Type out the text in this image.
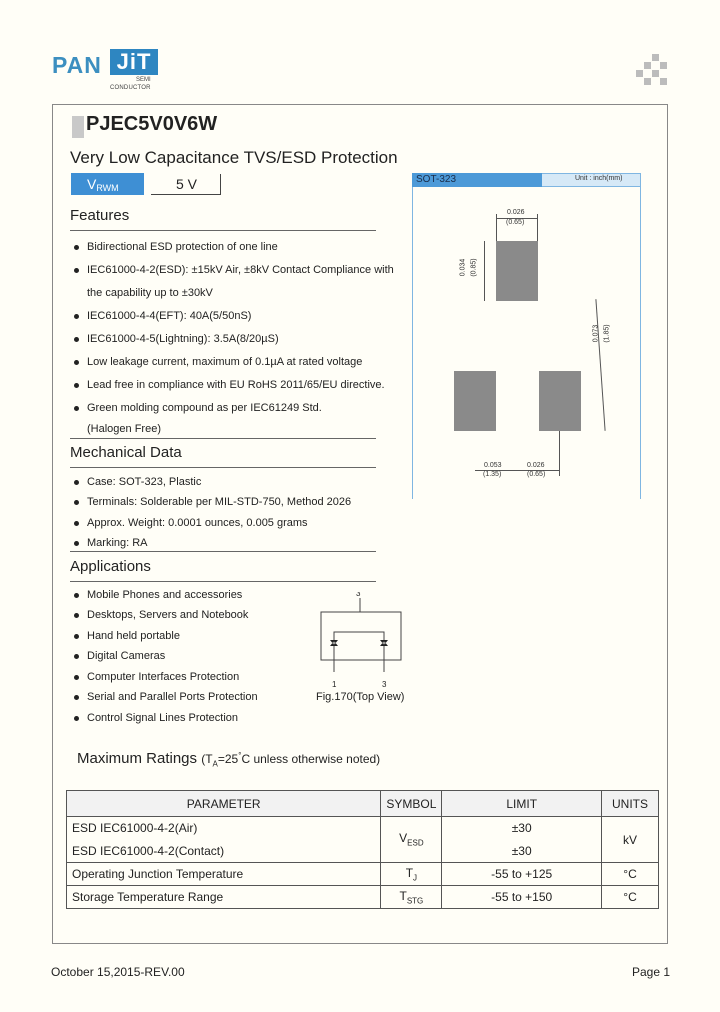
PAN JiT
SEMI
CONDUCTOR
PJEC5V0V6W
Very Low Capacitance TVS/ESD Protection
$V_{RWM}$	5 V
Features
Bidirectional ESD protection of one line
IEC61000-4-2(ESD): ±15kV Air, ±8kV Contact Compliance with
the capability up to ±30kV
IEC61000-4-4(EFT): 40A(5/50nS)
IEC61000-4-5(Lightning): 3.5A(8/20µS)
Low leakage current, maximum of 0.1µA at rated voltage
Lead free in compliance with EU RoHS 2011/65/EU directive.
Green molding compound as per IEC61249 Std.
(Halogen Free)
Mechanical Data
Case: SOT-323, Plastic
Terminals: Solderable per MIL-STD-750, Method 2026
Approx. Weight: 0.0001 ounces, 0.005 grams
Marking: RA
Applications
Mobile Phones and accessories
Desktops, Servers and Notebook
Hand held portable
Digital Cameras
Computer Interfaces Protection
Serial and Parallel Ports Protection
Control Signal Lines Protection
SOT-323	Unit : inch(mm)
0.026
(0.65)
0.034 (0.85)
0.073 (1.85)
0.053
(1.35)
0.026
(0.65)
3
1	3
Fig.170(Top View)
Maximum Ratings ($T_A=25^\circ C$ unless otherwise noted)
PARAMETER	SYMBOL	LIMIT	UNITS
ESD IEC61000-4-2(Air)	$V_{ESD}$	±30	kV
ESD IEC61000-4-2(Contact)		±30	
Operating Junction Temperature	$T_J$	-55 to +125	°C
Storage Temperature Range	$T_{STG}$	-55 to +150	°C
October 15,2015-REV.00	Page 1
